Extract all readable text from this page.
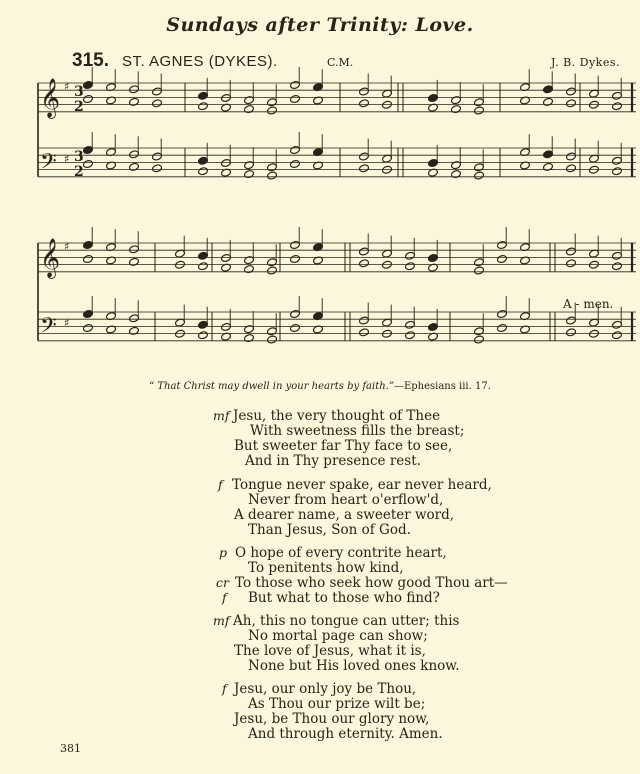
Sundays after Trinity: Love.
315. ST. AGNES (DYKES).	C.M.	J. B. Dykes.
𝄞 ♯
𝄢 ♯
𝄞 ♯
𝄢 ♯
3
2
3
2
A - men.
“ That Christ may dwell in your hearts by faith.”—Ephesians iii. 17.
mf Jesu, the very thought of Thee
With sweetness fills the breast;
But sweeter far Thy face to see,
And in Thy presence rest.
f Tongue never spake, ear never heard,
Never from heart o'erflow'd,
A dearer name, a sweeter word,
Than Jesus, Son of God.
p O hope of every contrite heart,
To penitents how kind,
cr To those who seek how good Thou art—
f But what to those who find?
mf Ah, this no tongue can utter; this
No mortal page can show;
The love of Jesus, what it is,
None but His loved ones know.
f Jesu, our only joy be Thou,
As Thou our prize wilt be;
Jesu, be Thou our glory now,
And through eternity. Amen.
381
